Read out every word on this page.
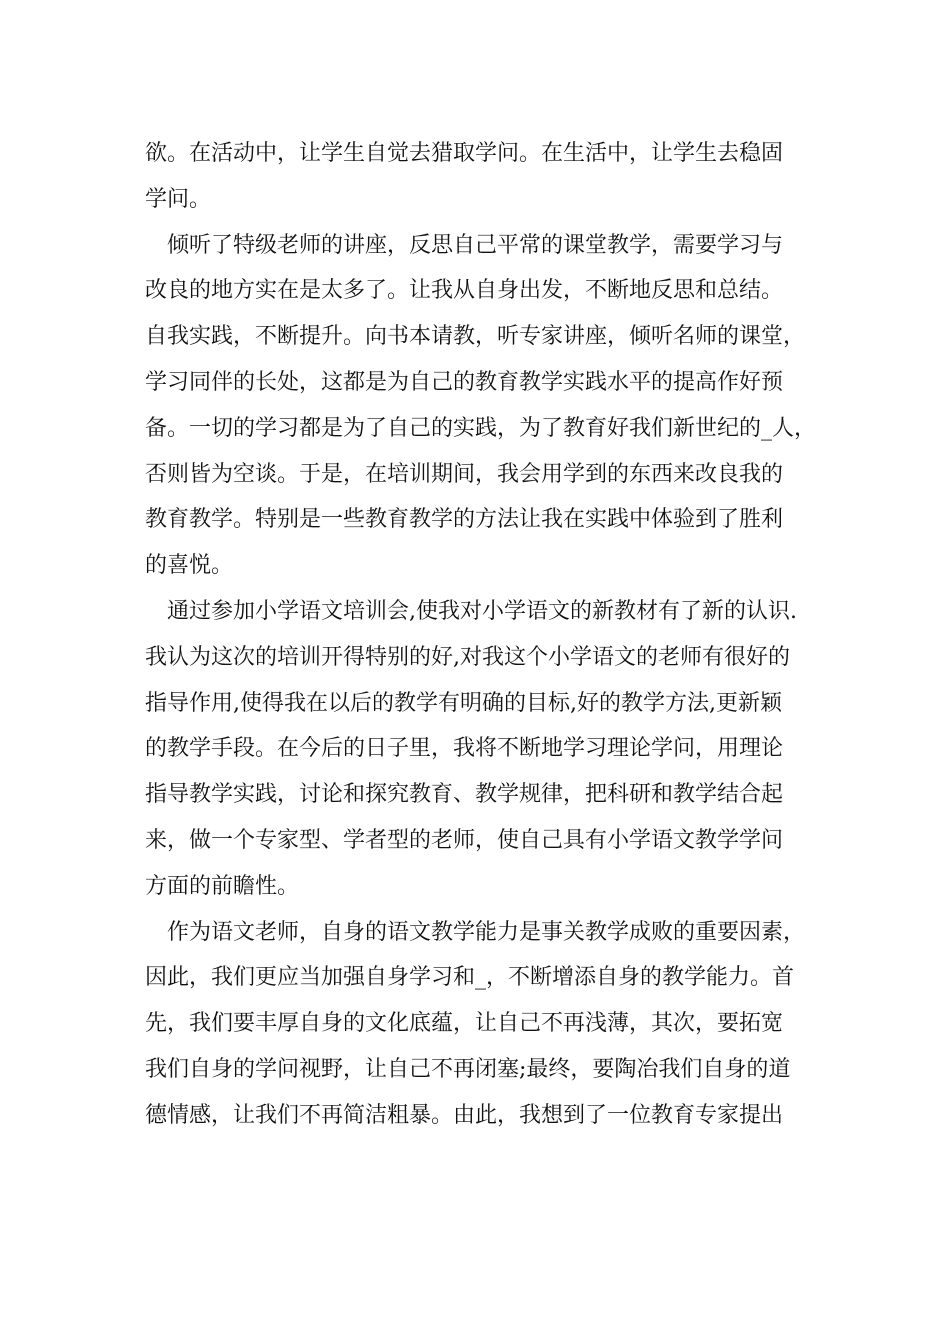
欲。在活动中，让学生自觉去猎取学问。在生活中，让学生去稳固
学问。
倾听了特级老师的讲座，反思自己平常的课堂教学，需要学习与
改良的地方实在是太多了。让我从自身出发，不断地反思和总结。
自我实践，不断提升。向书本请教，听专家讲座，倾听名师的课堂，
学习同伴的长处，这都是为自己的教育教学实践水平的提高作好预
备。一切的学习都是为了自己的实践，为了教育好我们新世纪的_人，
否则皆为空谈。于是，在培训期间，我会用学到的东西来改良我的
教育教学。特别是一些教育教学的方法让我在实践中体验到了胜利
的喜悦。
通过参加小学语文培训会,使我对小学语文的新教材有了新的认识.
我认为这次的培训开得特别的好,对我这个小学语文的老师有很好的
指导作用,使得我在以后的教学有明确的目标,好的教学方法,更新颖
的教学手段。在今后的日子里，我将不断地学习理论学问，用理论
指导教学实践，讨论和探究教育、教学规律，把科研和教学结合起
来，做一个专家型、学者型的老师，使自己具有小学语文教学学问
方面的前瞻性。
作为语文老师，自身的语文教学能力是事关教学成败的重要因素，
因此，我们更应当加强自身学习和_，不断增添自身的教学能力。首
先，我们要丰厚自身的文化底蕴，让自己不再浅薄，其次，要拓宽
我们自身的学问视野，让自己不再闭塞;最终，要陶冶我们自身的道
德情感，让我们不再简洁粗暴。由此，我想到了一位教育专家提出
